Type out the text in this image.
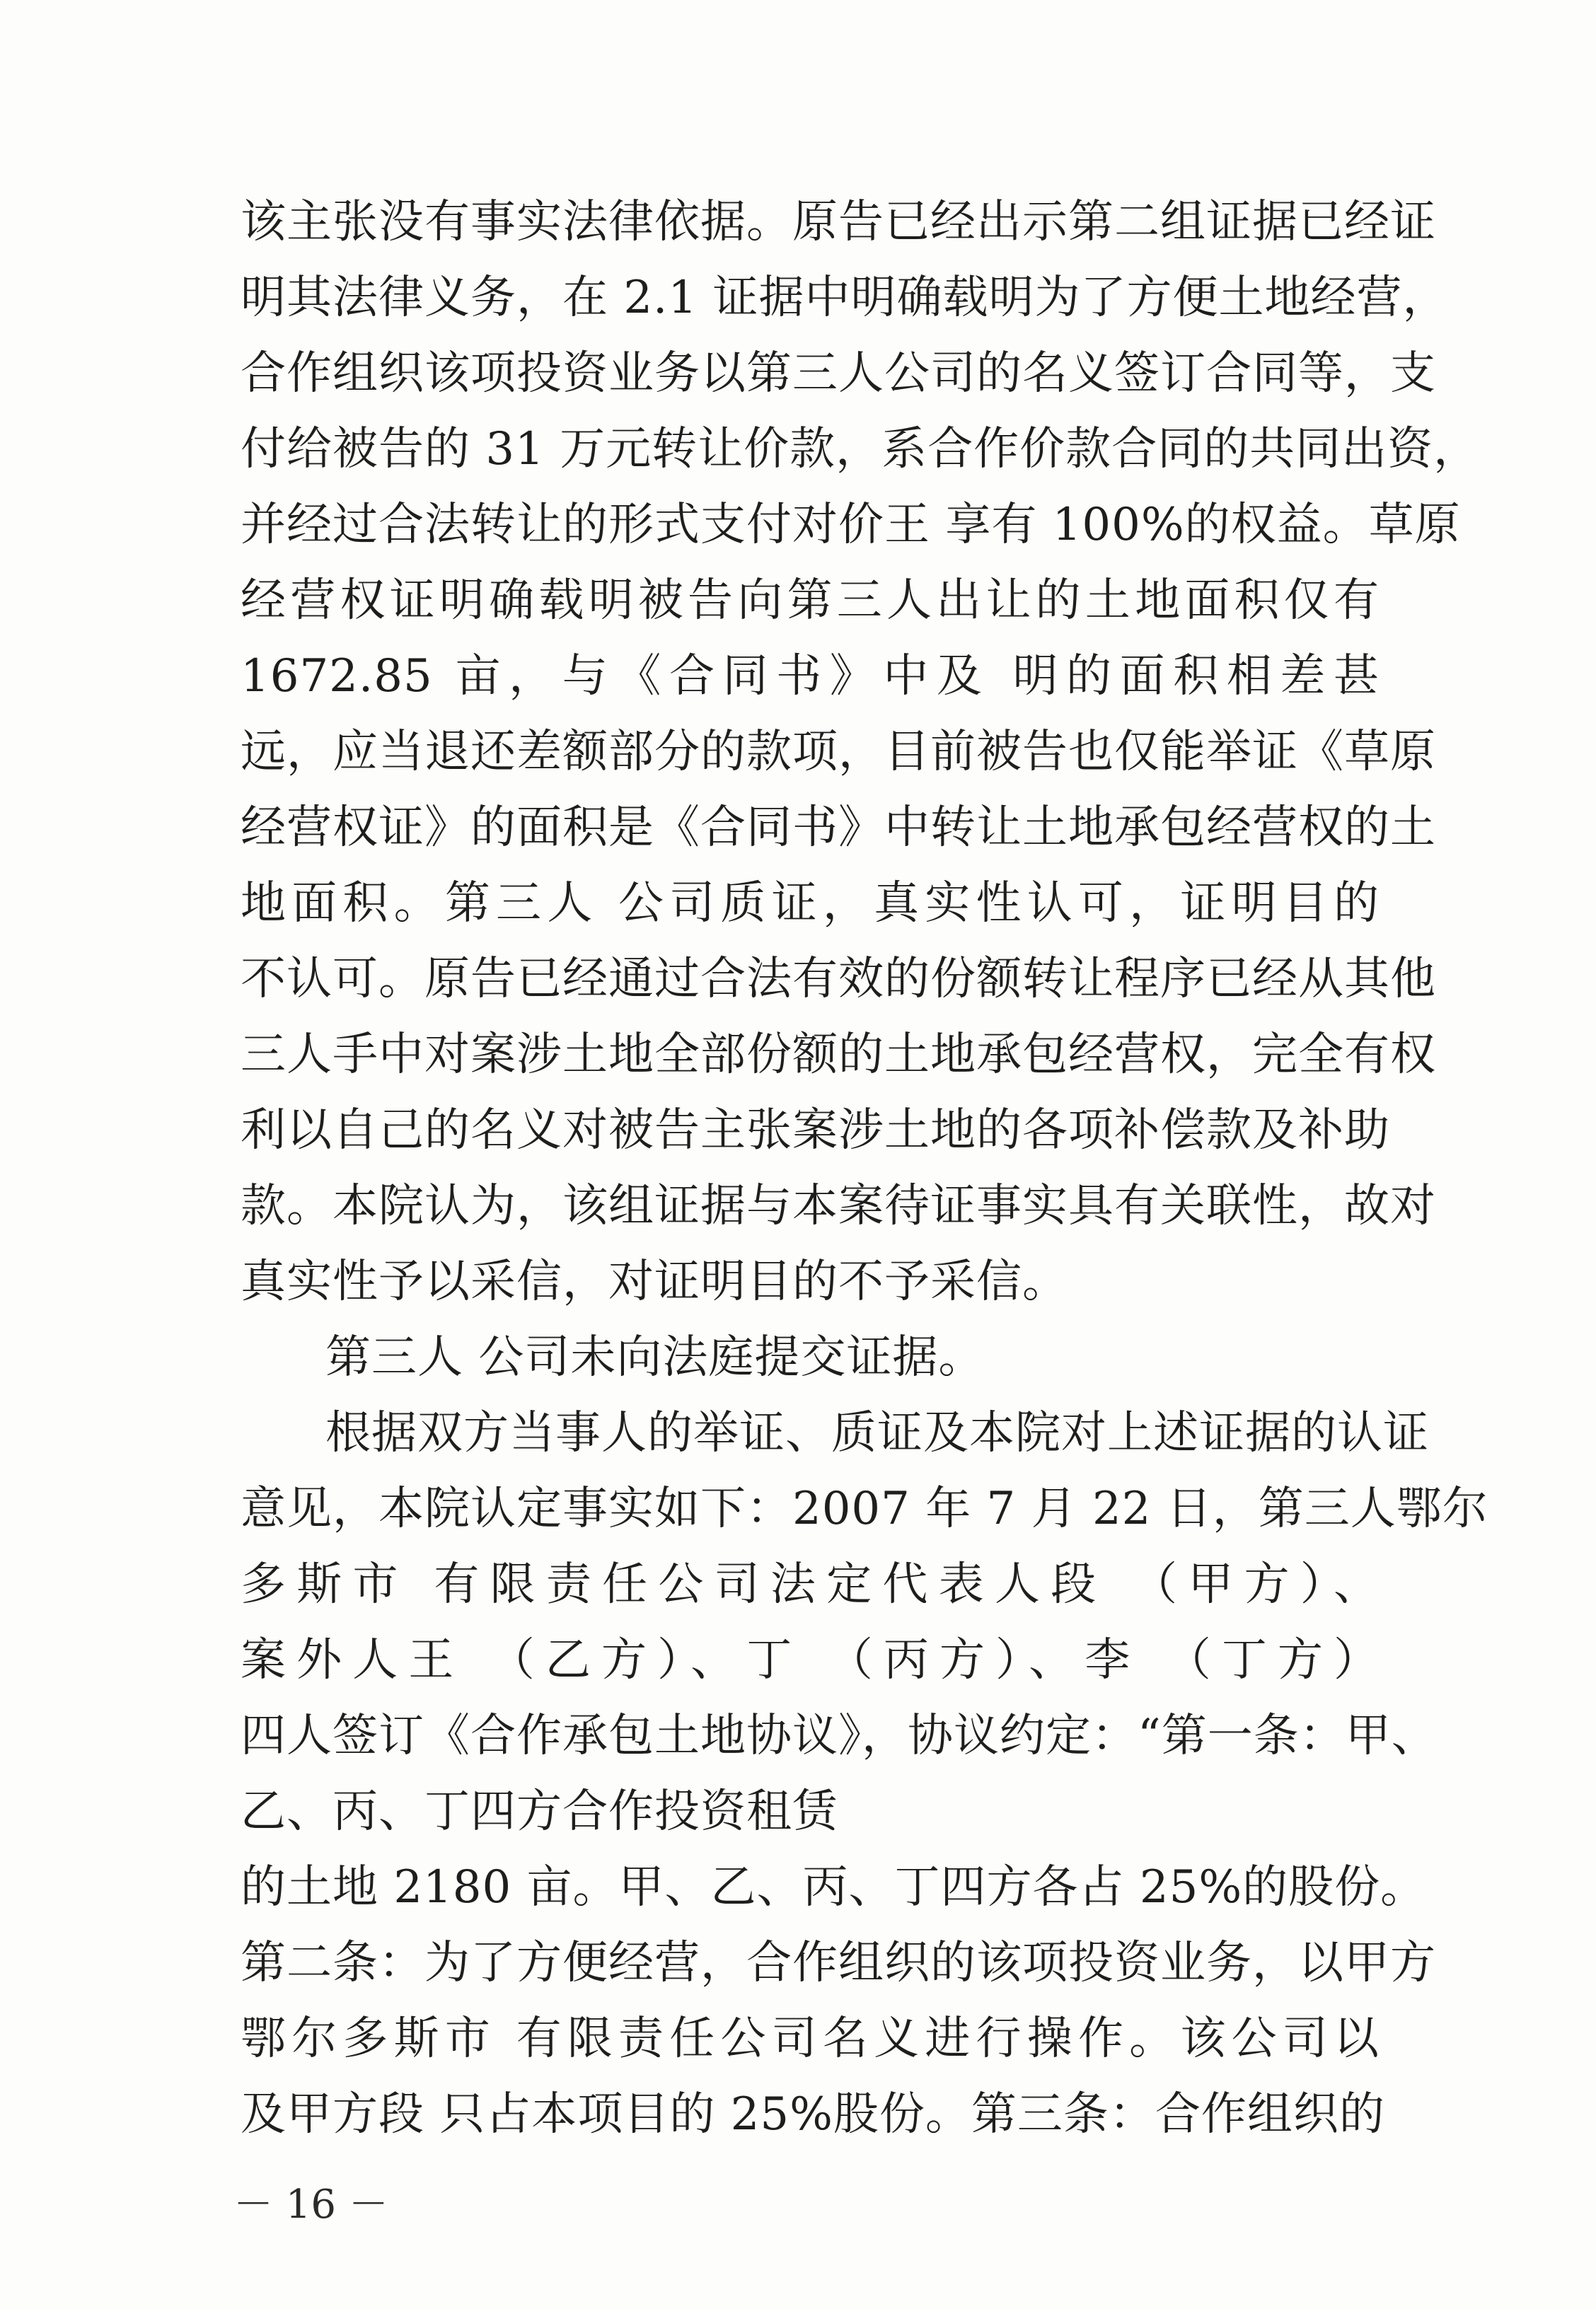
该主张没有事实法律依据。原告已经出示第二组证据已经证
明其法律义务，在 2.1 证据中明确载明为了方便土地经营，
合作组织该项投资业务以第三人公司的名义签订合同等，支
付给被告的 31 万元转让价款，系合作价款合同的共同出资，
并经过合法转让的形式支付对价王 享有 100%的权益。草原
经营权证明确载明被告向第三人出让的土地面积仅有
1672.85 亩，与《合同书》中及 明的面积相差甚
远，应当退还差额部分的款项，目前被告也仅能举证《草原
经营权证》的面积是《合同书》中转让土地承包经营权的土
地面积。第三人 公司质证，真实性认可，证明目的
不认可。原告已经通过合法有效的份额转让程序已经从其他
三人手中对案涉土地全部份额的土地承包经营权，完全有权
利以自己的名义对被告主张案涉土地的各项补偿款及补助
款。本院认为，该组证据与本案待证事实具有关联性，故对
真实性予以采信，对证明目的不予采信。
第三人 公司未向法庭提交证据。
根据双方当事人的举证、质证及本院对上述证据的认证
意见，本院认定事实如下：2007 年 7 月 22 日，第三人鄂尔
多斯市 有限责任公司法定代表人段 （甲方）、
案外人王 （乙方）、丁 （丙方）、李 （丁方）
四人签订《合作承包土地协议》，协议约定：“第一条：甲、
乙、丙、丁四方合作投资租赁
的土地 2180 亩。甲、乙、丙、丁四方各占 25%的股份。
第二条：为了方便经营，合作组织的该项投资业务，以甲方
鄂尔多斯市 有限责任公司名义进行操作。该公司以
及甲方段 只占本项目的 25%股份。第三条：合作组织的
－ 16 －
